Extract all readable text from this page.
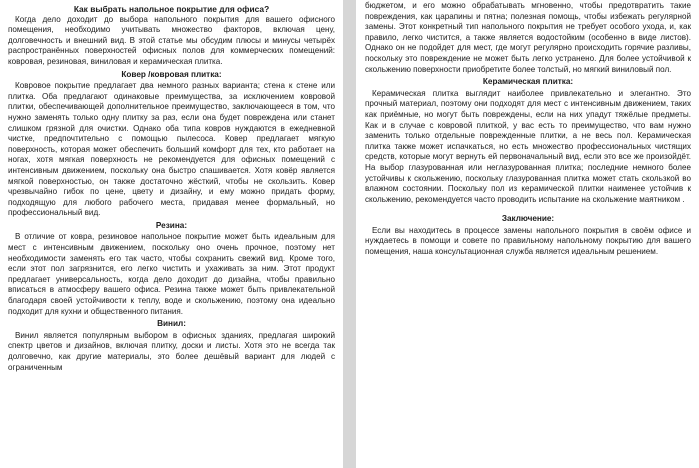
Как выбрать напольное покрытие для офиса?

Когда дело доходит до выбора напольного покрытия для вашего офисного помещения, необходимо учитывать множество факторов, включая цену, долговечность и внешний вид. В этой статье мы обсудим плюсы и минусы четырёх распространённых поверхностей офисных полов для коммерческих помещений: ковровая, резиновая, виниловая и керамическая плитка.

Ковер /ковровая плитка:

Ковровое покрытие предлагает два немного разных варианта; стена к стене или плитка. Оба предлагают одинаковые преимущества, за исключением ковровой плитки, обеспечивающей дополнительное преимущество, заключающееся в том, что нужно заменять только одну плитку за раз, если она будет повреждена или станет слишком грязной для очистки. Однако оба типа ковров нуждаются в ежедневной чистке, предпочтительно с помощью пылесоса. Ковер предлагает мягкую поверхность, которая может обеспечить больший комфорт для тех, кто работает на ногах, хотя мягкая поверхность не рекомендуется для офисных помещений с интенсивным движением, поскольку она быстро спашивается. Хотя ковёр является мягкой поверхностью, он также достаточно жёсткий, чтобы не скользить. Ковер чрезвычайно гибок по цене, цвету и дизайну, и ему можно придать форму, подходящую для любого рабочего места, придавая менее формальный, но профессиональный вид.

Резина:

В отличие от ковра, резиновое напольное покрытие может быть идеальным для мест с интенсивным движением, поскольку оно очень прочное, поэтому нет необходимости заменять его так часто, чтобы сохранить свежий вид. Кроме того, если этот пол загрязнится, его легко чистить и ухаживать за ним. Этот продукт предлагает универсальность, когда дело доходит до дизайна, чтобы правильно вписаться в атмосферу вашего офиса. Резина также может быть привлекательной благодаря своей устойчивости к теплу, воде и скольжению, поэтому она идеально подходит для кухни и общественного питания.

Винил:

Винил является популярным выбором в офисных зданиях, предлагая широкий спектр цветов и дизайнов, включая плитку, доски и листы. Хотя это не всегда так долговечно, как другие материалы, это более дешёвый вариант для людей с ограниченным

бюджетом, и его можно обрабатывать мгновенно, чтобы предотвратить такие повреждения, как царапины и пятна; полезная помощь, чтобы избежать регулярной замены. Этот конкретный тип напольного покрытия не требует особого ухода, и, как правило, легко чистится, а также является водостойким (особенно в виде листов). Однако он не подойдет для мест, где могут регулярно происходить горячие разливы, поскольку это повреждение не может быть легко устранено. Для более устойчивой к скольжению поверхности приобретите более толстый, но мягкий виниловый пол.

Керамическая плитка:

Керамическая плитка выглядит наиболее привлекательно и элегантно. Это прочный материал, поэтому они подходят для мест с интенсивным движением, таких как приёмные, но могут быть повреждены, если на них упадут тяжёлые предметы. Как и в случае с ковровой плиткой, у вас есть то преимущество, что вам нужно заменить только отдельные поврежденные плитки, а не весь пол. Керамическая плитка также может испачкаться, но есть множество профессиональных чистящих средств, которые могут вернуть ей первоначальный вид, если это все же произойдёт. На выбор глазурованная или неглазурованная плитка; последние немного более устойчивы к скольжению, поскольку глазурованная плитка может стать скользкой во влажном состоянии. Поскольку пол из керамической плитки наименее устойчив к скольжению, рекомендуется часто проводить испытание на скольжение маятником .

Заключение:

Если вы находитесь в процессе замены напольного покрытия в своём офисе и нуждаетесь в помощи и совете по правильному напольному покрытию для вашего помещения, наша консультационная служба является идеальным решением.
